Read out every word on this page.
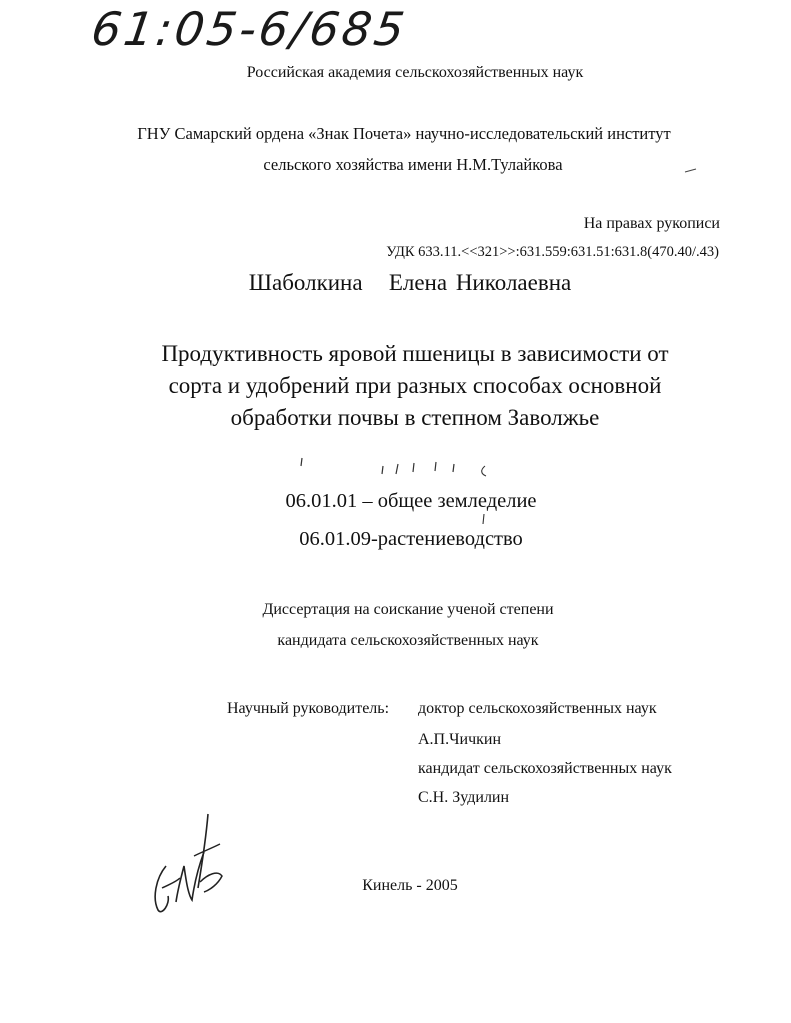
61:05-6/685
Российская академия сельскохозяйственных наук
ГНУ Самарский ордена «Знак Почета» научно-исследовательский институт
сельского хозяйства имени Н.М.Тулайкова
На правах рукописи
УДК 633.11.<<321>>:631.559:631.51:631.8(470.40/.43)
Шаболкина   Елена Николаевна
Продуктивность яровой пшеницы в зависимости от
сорта и удобрений при разных способах основной
обработки почвы в степном Заволжье
06.01.01 – общее земледелие
06.01.09-растениеводство
Диссертация на соискание ученой степени
кандидата сельскохозяйственных наук
Научный руководитель: доктор сельскохозяйственных наук
А.П.Чичкин
кандидат сельскохозяйственных наук
С.Н. Зудилин
Кинель - 2005
